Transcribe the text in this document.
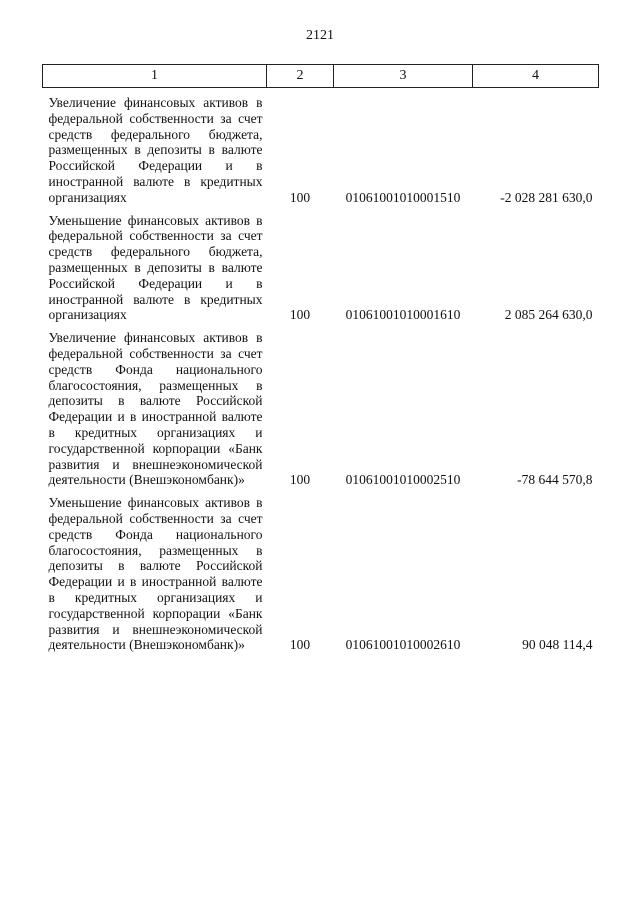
2121
1	2	3	4
Увеличение финансовых активов в федеральной собственности за счет средств федерального бюджета, размещенных в депозиты в валюте Российской Федерации и в иностранной валюте в кредитных организациях	100	01061001010001510	-2 028 281 630,0
Уменьшение финансовых активов в федеральной собственности за счет средств федерального бюджета, размещенных в депозиты в валюте Российской Федерации и в иностранной валюте в кредитных организациях	100	01061001010001610	2 085 264 630,0
Увеличение финансовых активов в федеральной собственности за счет средств Фонда национального благосостояния, размещенных в депозиты в валюте Российской Федерации и в иностранной валюте в кредитных организациях и государственной корпорации «Банк развития и внешнеэкономической деятельности (Внешэкономбанк)»	100	01061001010002510	-78 644 570,8
Уменьшение финансовых активов в федеральной собственности за счет средств Фонда национального благосостояния, размещенных в депозиты в валюте Российской Федерации и в иностранной валюте в кредитных организациях и государственной корпорации «Банк развития и внешнеэкономической деятельности (Внешэкономбанк)»	100	01061001010002610	90 048 114,4
